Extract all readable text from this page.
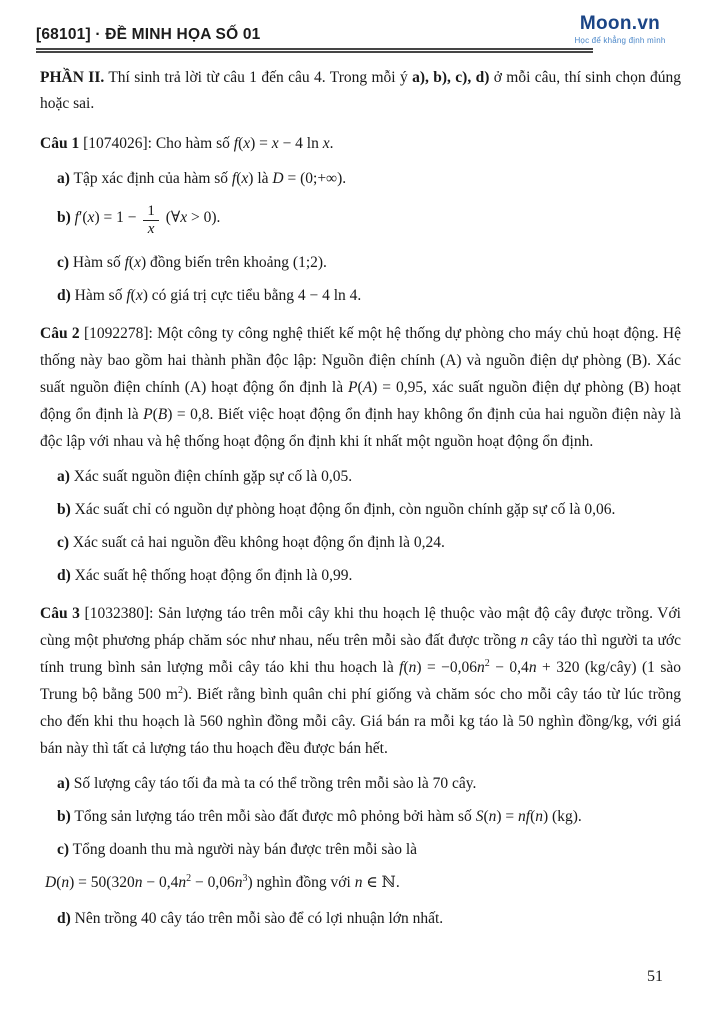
[68101] · ĐỀ MINH HỌA SỐ 01
Moon.vn
Học để khẳng định mình
PHẦN II. Thí sinh trả lời từ câu 1 đến câu 4. Trong mỗi ý a), b), c), d) ở mỗi câu, thí sinh chọn đúng hoặc sai.
Câu 1 [1074026]: Cho hàm số f(x) = x − 4 ln x.
a) Tập xác định của hàm số f(x) là D = (0;+∞).
b) $f'(x) = 1 - \frac{1}{x}$ (∀x > 0).
c) Hàm số f(x) đồng biến trên khoảng (1;2).
d) Hàm số f(x) có giá trị cực tiểu bằng 4 − 4 ln 4.
Câu 2 [1092278]: Một công ty công nghệ thiết kế một hệ thống dự phòng cho máy chủ hoạt động. Hệ thống này bao gồm hai thành phần độc lập: Nguồn điện chính (A) và nguồn điện dự phòng (B). Xác suất nguồn điện chính (A) hoạt động ổn định là P(A) = 0,95, xác suất nguồn điện dự phòng (B) hoạt động ổn định là P(B) = 0,8. Biết việc hoạt động ổn định hay không ổn định của hai nguồn điện này là độc lập với nhau và hệ thống hoạt động ổn định khi ít nhất một nguồn hoạt động ổn định.
a) Xác suất nguồn điện chính gặp sự cố là 0,05.
b) Xác suất chỉ có nguồn dự phòng hoạt động ổn định, còn nguồn chính gặp sự cố là 0,06.
c) Xác suất cả hai nguồn đều không hoạt động ổn định là 0,24.
d) Xác suất hệ thống hoạt động ổn định là 0,99.
Câu 3 [1032380]: Sản lượng táo trên mỗi cây khi thu hoạch lệ thuộc vào mật độ cây được trồng. Với cùng một phương pháp chăm sóc như nhau, nếu trên mỗi sào đất được trồng n cây táo thì người ta ước tính trung bình sản lượng mỗi cây táo khi thu hoạch là $f(n) = -0,06n^2 - 0,4n + 320$ (kg/cây) (1 sào Trung bộ bằng 500 $m^2$). Biết rằng bình quân chi phí giống và chăm sóc cho mỗi cây táo từ lúc trồng cho đến khi thu hoạch là 560 nghìn đồng mỗi cây. Giá bán ra mỗi kg táo là 50 nghìn đồng/kg, với giá bán này thì tất cả lượng táo thu hoạch đều được bán hết.
a) Số lượng cây táo tối đa mà ta có thể trồng trên mỗi sào là 70 cây.
b) Tổng sản lượng táo trên mỗi sào đất được mô phỏng bởi hàm số S(n) = nf(n) (kg).
c) Tổng doanh thu mà người này bán được trên mỗi sào là
$D(n) = 50(320n - 0,4n^2 - 0,06n^3)$ nghìn đồng với n ∈ ℕ.
d) Nên trồng 40 cây táo trên mỗi sào để có lợi nhuận lớn nhất.
51
